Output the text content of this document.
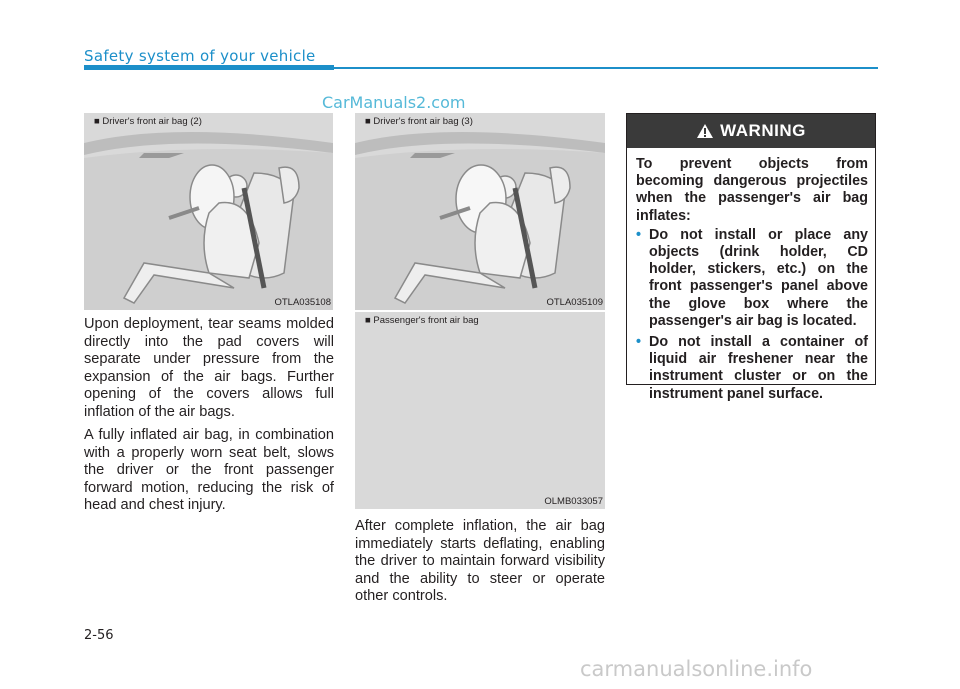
Safety system of your vehicle
CarManuals2.com
■ Driver's front air bag (2)
OTLA035108
■ Driver's front air bag (3)
OTLA035109
■ Passenger's front air bag
OLMB033057

Upon deployment, tear seams molded directly into the pad covers will separate under pressure from the expansion of the air bags. Further opening of the covers allows full inflation of the air bags.

A fully inflated air bag, in combination with a properly worn seat belt, slows the driver or the front passenger forward motion, reducing the risk of head and chest injury.

After complete inflation, the air bag immediately starts deflating, enabling the driver to maintain forward visibility and the ability to steer or operate other controls.

WARNING
To prevent objects from becoming dangerous projectiles when the passenger's air bag inflates:
• Do not install or place any objects (drink holder, CD holder, stickers, etc.) on the front passenger's panel above the glove box where the passenger's air bag is located.
• Do not install a container of liquid air freshener near the instrument cluster or on the instrument panel surface.
2-56
carmanualsonline.info
